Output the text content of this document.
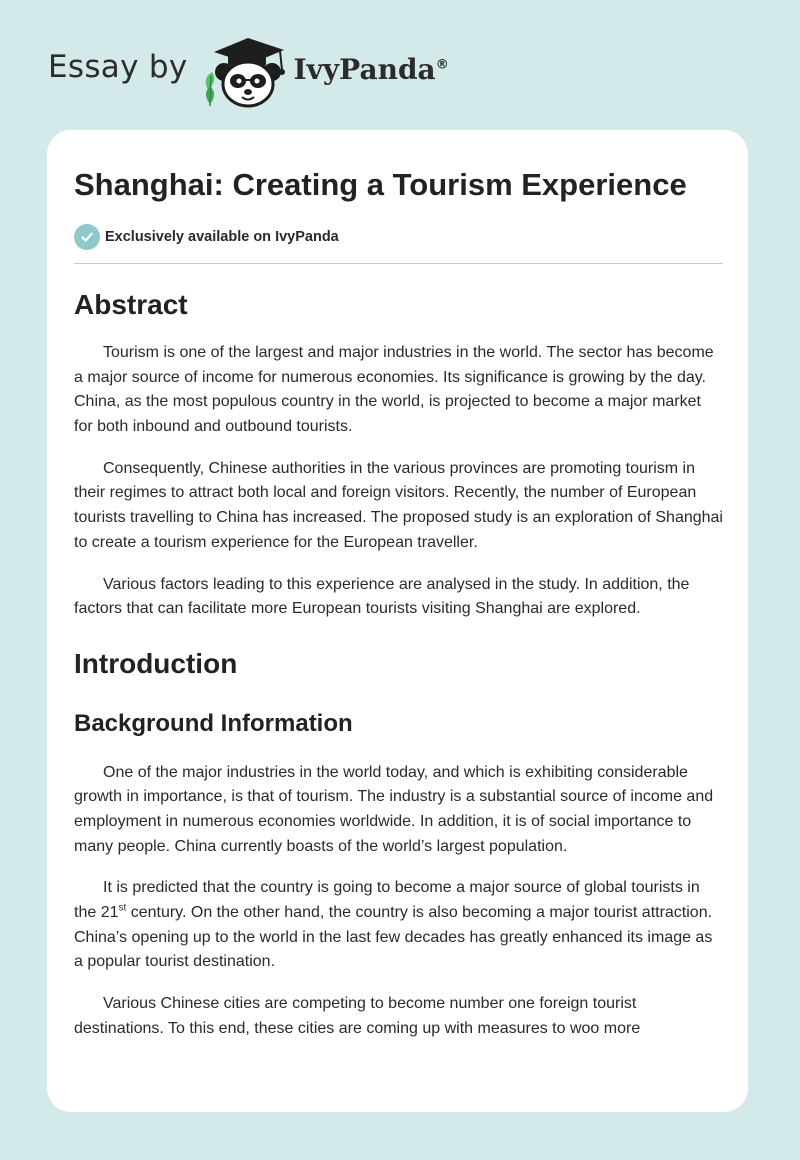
Essay by	IvyPanda®
Shanghai: Creating a Tourism Experience
Exclusively available on IvyPanda
Abstract

Tourism is one of the largest and major industries in the world. The sector has become a major source of income for numerous economies. Its significance is growing by the day. China, as the most populous country in the world, is projected to become a major market for both inbound and outbound tourists.

Consequently, Chinese authorities in the various provinces are promoting tourism in their regimes to attract both local and foreign visitors. Recently, the number of European tourists travelling to China has increased. The proposed study is an exploration of Shanghai to create a tourism experience for the European traveller.

Various factors leading to this experience are analysed in the study. In addition, the factors that can facilitate more European tourists visiting Shanghai are explored.

Introduction
Background Information

One of the major industries in the world today, and which is exhibiting considerable growth in importance, is that of tourism. The industry is a substantial source of income and employment in numerous economies worldwide. In addition, it is of social importance to many people. China currently boasts of the world’s largest population.

It is predicted that the country is going to become a major source of global tourists in the 21st century. On the other hand, the country is also becoming a major tourist attraction. China’s opening up to the world in the last few decades has greatly enhanced its image as a popular tourist destination.

Various Chinese cities are competing to become number one foreign tourist destinations. To this end, these cities are coming up with measures to woo more
